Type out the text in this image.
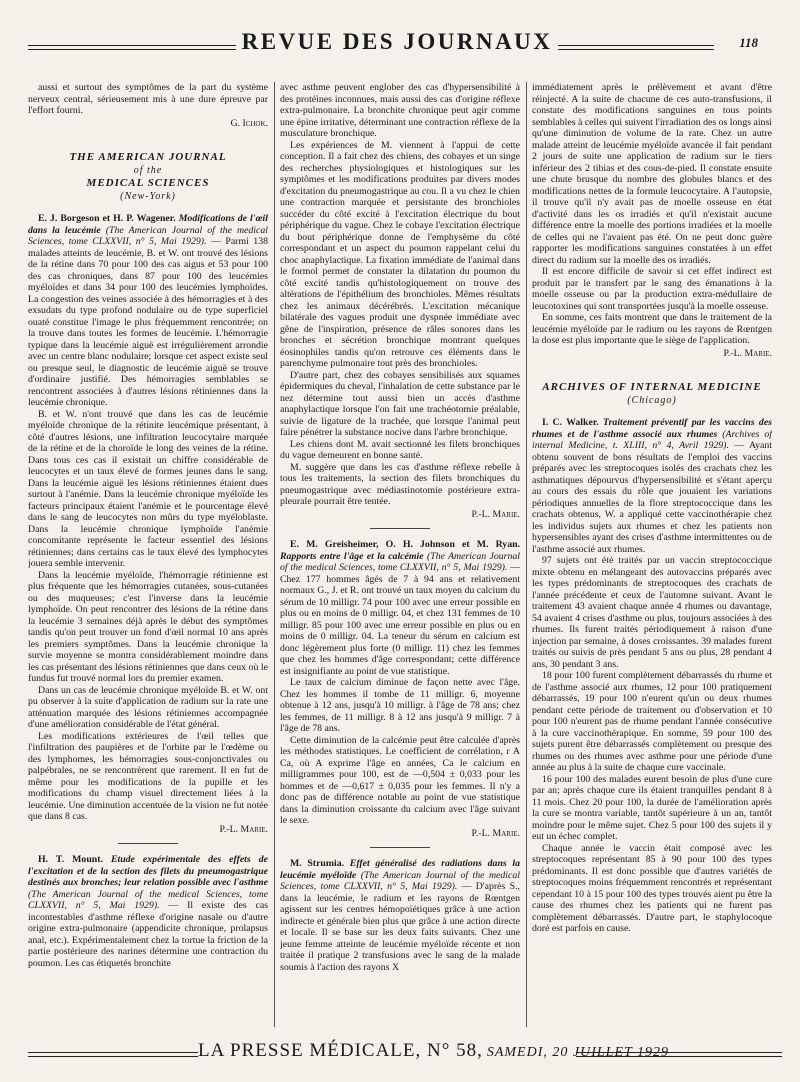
REVUE DES JOURNAUX	118

aussi et surtout des symptômes de la part du système nerveux central, sérieusement mis à une dure épreuve par l'effort fourni.

G. Ichok.
THE AMERICAN JOURNAL
of the
MEDICAL SCIENCES
(New-York)

E. J. Borgeson et H. P. Wagener. Modifications de l'œil dans la leucémie (The American Journal of the medical Sciences, tome CLXXVII, n° 5, Mai 1929). — Parmi 138 malades atteints de leucémie, B. et W. ont trouvé des lésions de la rétine dans 70 pour 100 des cas aigus et 53 pour 100 des cas chroniques, dans 87 pour 100 des leucémies myéloïdes et dans 34 pour 100 des leucémies lymphoïdes. La congestion des veines associée à des hémorragies et à des exsudats du type profond nodulaire ou de type superficiel ouaté constitue l'image le plus fréquemment rencontrée; on la trouve dans toutes les formes de leucémie. L'hémorragie typique dans la leucémie aiguë est irrégulièrement arrondie avec un centre blanc nodulaire; lorsque cet aspect existe seul ou presque seul, le diagnostic de leucémie aiguë se trouve d'ordinaire justifié. Des hémorragies semblables se rencontrent associées à d'autres lésions rétiniennes dans la leucémie chronique.

B. et W. n'ont trouvé que dans les cas de leucémie myéloïde chronique de la rétinite leucémique présentant, à côté d'autres lésions, une infiltration leucocytaire marquée de la rétine et de la choroïde le long des veines de la rétine. Dans tous ces cas il existait un chiffre considérable de leucocytes et un taux élevé de formes jeunes dans le sang. Dans la leucémie aiguë les lésions rétiniennes étaient dues surtout à l'anémie. Dans la leucémie chronique myéloïde les facteurs principaux étaient l'anémie et le pourcentage élevé dans le sang de leucocytes non mûrs du type myéloblaste. Dans la leucémie chronique lymphoïde l'anémie concomitante représente le facteur essentiel des lésions rétiniennes; dans certains cas le taux élevé des lymphocytes jouera semble intervenir.

Dans la leucémie myéloïde, l'hémorragie rétinienne est plus fréquente que les hémorragies cutanées, sous-cutanées ou des muqueuses; c'est l'inverse dans la leucémie lymphoïde. On peut rencontrer des lésions de la rétine dans la leucémie 3 semaines déjà après le début des symptômes tandis qu'on peut trouver un fond d'œil normal 10 ans après les premiers symptômes. Dans la leucémie chronique la survie moyenne se montra considérablement moindre dans les cas présentant des lésions rétiniennes que dans ceux où le fundus fut trouvé normal lors du premier examen.

Dans un cas de leucémie chronique myéloïde B. et W. ont pu observer à la suite d'application de radium sur la rate une atténuation marquée des lésions rétiniennes accompagnée d'une amélioration considérable de l'état général.

Les modifications extérieures de l'œil telles que l'infiltration des paupières et de l'orbite par le l'œdème ou des lymphomes, les hémorragies sous-conjonctivales ou palpébrales, ne se rencontrèrent que rarement. Il en fut de même pour les modifications de la pupille et les modifications du champ visuel directement liées à la leucémie. Une diminution accentuée de la vision ne fut notée que dans 8 cas.

P.-L. Marie.

H. T. Mount. Etude expérimentale des effets de l'excitation et de la section des filets du pneumogastrique destinés aux bronches; leur relation possible avec l'asthme (The American Journal of the medical Sciences, tome CLXXVII, n° 5, Mai 1929). — Il existe des cas incontestables d'asthme réflexe d'origine nasale ou d'autre origine extra-pulmonaire (appendicite chronique, prolapsus anal, etc.). Expérimentalement chez la tortue la friction de la partie postérieure des narines détermine une contraction du poumon. Les cas étiquetés bronchite

avec asthme peuvent englober des cas d'hypersensibilité à des protéines inconnues, mais aussi des cas d'origine réflexe extra-pulmonaire. La bronchite chronique peut agir comme une épine irritative, déterminant une contraction réflexe de la musculature bronchique.

Les expériences de M. viennent à l'appui de cette conception. Il a fait chez des chiens, des cobayes et un singe des recherches physiologiques et histologiques sur les symptômes et les modifications produites par divers modes d'excitation du pneumogastrique au cou. Il a vu chez le chien une contraction marquée et persistante des bronchioles succéder du côté excité à l'excitation électrique du bout périphérique du vague. Chez le cobaye l'excitation électrique du bout périphérique donne de l'emphysème du côté correspondant et un aspect du poumon rappelant celui du choc anaphylactique. La fixation immédiate de l'animal dans le formol permet de constater la dilatation du poumon du côté excité tandis qu'histologiquement on trouve des altérations de l'épithélium des bronchioles. Mêmes résultats chez les animaux décérébrés. L'excitation mécanique bilatérale des vagues produit une dyspnée immédiate avec gêne de l'inspiration, présence de râles sonores dans les bronches et sécrétion bronchique montrant quelques éosinophiles tandis qu'on retrouve ces éléments dans le parenchyme pulmonaire tout près des bronchioles.

D'autre part, chez des cobayes sensibilisés aux squames épidermiques du cheval, l'inhalation de cette substance par le nez détermine tout aussi bien un accès d'asthme anaphylactique lorsque l'on fait une trachéotomie préalable, suivie de ligature de la trachée, que lorsque l'animal peut faire pénétrer la substance nocive dans l'arbre bronchique.

Les chiens dont M. avait sectionné les filets bronchiques du vague demeurent en bonne santé.

M. suggère que dans les cas d'asthme réflexe rebelle à tous les traitements, la section des filets bronchiques du pneumogastrique avec médiastinotomie postérieure extra-pleurale pourrait être tentée.

P.-L. Marie.

E. M. Greisheimer, O. H. Johnson et M. Ryan. Rapports entre l'âge et la calcémie (The American Journal of the medical Sciences, tome CLXXVII, n° 5, Mai 1929). — Chez 177 hommes âgés de 7 à 94 ans et relativement normaux G., J. et R. ont trouvé un taux moyen du calcium du sérum de 10 milligr. 74 pour 100 avec une erreur possible en plus ou en moins de 0 milligr. 04, et chez 131 femmes de 10 milligr. 85 pour 100 avec une erreur possible en plus ou en moins de 0 milligr. 04. La teneur du sérum en calcium est donc légèrement plus forte (0 milligr. 11) chez les femmes que chez les hommes d'âge correspondant; cette différence est insignifiante au point de vue statistique.

Le taux de calcium diminue de façon nette avec l'âge. Chez les hommes il tombe de 11 milligr. 6, moyenne obtenue à 12 ans, jusqu'à 10 milligr. à l'âge de 78 ans; chez les femmes, de 11 milligr. 8 à 12 ans jusqu'à 9 milligr. 7 à l'âge de 78 ans.

Cette diminution de la calcémie peut être calculée d'après les méthodes statistiques. Le coefficient de corrélation, r A Ca, où A exprime l'âge en années, Ca le calcium en milligrammes pour 100, est de —0,504 ± 0,033 pour les hommes et de —0,617 ± 0,035 pour les femmes. Il n'y a donc pas de différence notable au point de vue statistique dans la diminution croissante du calcium avec l'âge suivant le sexe.

P.-L. Marie.

M. Strumia. Effet généralisé des radiations dans la leucémie myéloïde (The American Journal of the medical Sciences, tome CLXXVII, n° 5, Mai 1929). — D'après S., dans la leucémie, le radium et les rayons de Rœntgen agissent sur les centres hémopoïétiques grâce à une action indirecte et générale bien plus que grâce à une action directe et locale. Il se base sur les deux faits suivants. Chez une jeune femme atteinte de leucémie myéloïde récente et non traitée il pratique 2 transfusions avec le sang de la malade soumis à l'action des rayons X

immédiatement après le prélèvement et avant d'être réinjecté. A la suite de chacune de ces auto-transfusions, il constate des modifications sanguines en tous points semblables à celles qui suivent l'irradiation des os longs ainsi qu'une diminution de volume de la rate. Chez un autre malade atteint de leucémie myéloïde avancée il fait pendant 2 jours de suite une application de radium sur le tiers inférieur des 2 tibias et des cous-de-pied. Il constate ensuite une chute brusque du nombre des globules blancs et des modifications nettes de la formule leucocytaire. A l'autopsie, il trouve qu'il n'y avait pas de moelle osseuse en état d'activité dans les os irradiés et qu'il n'existait aucune différence entre la moelle des portions irradiées et la moelle de celles qui ne l'avaient pas été. On ne peut donc guère rapporter les modifications sanguines constatées à un effet direct du radium sur la moelle des os irradiés.

Il est encore difficile de savoir si cet effet indirect est produit par le transfert par le sang des émanations à la moelle osseuse ou par la production extra-médullaire de leucotoxines qui sont transportées jusqu'à la moelle osseuse.

En somme, ces faits montrent que dans le traitement de la leucémie myéloïde par le radium ou les rayons de Rœntgen la dose est plus importante que le siège de l'application.

P.-L. Marie.
ARCHIVES OF INTERNAL MEDICINE
(Chicago)

I. C. Walker. Traitement préventif par les vaccins des rhumes et de l'asthme associé aux rhumes (Archives of internal Medicine, t. XLIII, n° 4, Avril 1929). — Ayant obtenu souvent de bons résultats de l'emploi des vaccins préparés avec les streptocoques isolés des crachats chez les asthmatiques dépourvus d'hypersensibilité et s'étant aperçu au cours des essais du rôle que jouaient les variations périodiques annuelles de la flore streptococcique dans les crachats obtenus, W. a appliqué cette vaccinothérapie chez les individus sujets aux rhumes et chez les patients non hypersensibles ayant des crises d'asthme intermittentes ou de l'asthme associé aux rhumes.

97 sujets ont été traités par un vaccin streptococcique mixte obtenu en mélangeant des autovaccins préparés avec les types prédominants de streptocoques des crachats de l'année précédente et ceux de l'automne suivant. Avant le traitement 43 avaient chaque année 4 rhumes ou davantage, 54 avaient 4 crises d'asthme ou plus, toujours associées à des rhumes. Ils furent traités périodiquement à raison d'une injection par semaine, à doses croissantes. 39 malades furent traités ou suivis de près pendant 5 ans ou plus, 28 pendant 4 ans, 30 pendant 3 ans.

18 pour 100 furent complètement débarrassés du rhume et de l'asthme associé aux rhumes, 12 pour 100 pratiquement débarrassés, 19 pour 100 n'eurent qu'un ou deux rhumes pendant cette période de traitement ou d'observation et 10 pour 100 n'eurent pas de rhume pendant l'année consécutive à la cure vaccinothérapique. En somme, 59 pour 100 des sujets purent être débarrassés complètement ou presque des rhumes ou des rhumes avec asthme pour une période d'une année au plus à la suite de chaque cure vaccinale.

16 pour 100 des malades eurent besoin de plus d'une cure par an; après chaque cure ils étaient tranquilles pendant 8 à 11 mois. Chez 20 pour 100, la durée de l'amélioration après la cure se montra variable, tantôt supérieure à un an, tantôt moindre pour le même sujet. Chez 5 pour 100 des sujets il y eut un échec complet.

Chaque année le vaccin était composé avec les streptocoques représentant 85 à 90 pour 100 des types prédominants. Il est donc possible que d'autres variétés de streptocoques moins fréquemment rencontrés et représentant cependant 10 à 15 pour 100 des types trouvés aient pu être la cause des rhumes chez les patients qui ne furent pas complètement débarrassés. D'autre part, le staphylocoque doré est parfois en cause.

LA PRESSE MÉDICALE, N° 58, SAMEDI, 20 JUILLET 1929
